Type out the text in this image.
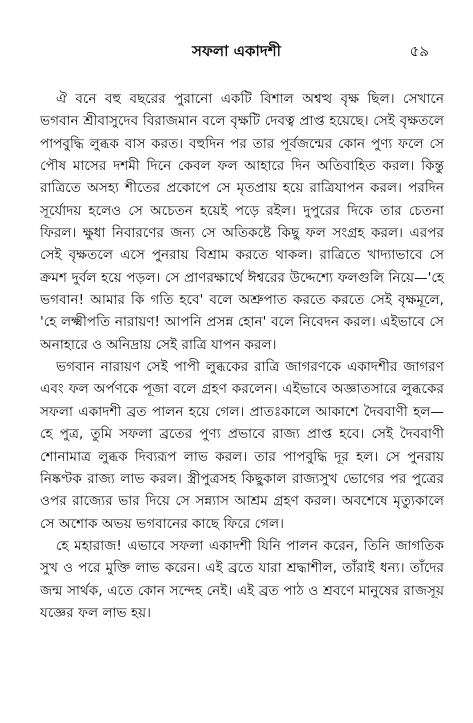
সফলা একাদশী	৫৯

ঐ বনে বহু বছরের পুরানো একটি বিশাল অশ্বত্থ বৃক্ষ ছিল। সেখানে ভগবান শ্রীবাসুদেব বিরাজমান বলে বৃক্ষটি দেবত্ব প্রাপ্ত হয়েছে। সেই বৃক্ষতলে পাপবুদ্ধি লুব্ধক বাস করত। বহুদিন পর তার পূর্বজন্মের কোন পুণ্য ফলে সে পৌষ মাসের দশমী দিনে কেবল ফল আহারে দিন অতিবাহিত করল। কিন্তু রাত্রিতে অসহ্য শীতের প্রকোপে সে মৃতপ্রায় হয়ে রাত্রিযাপন করল। পরদিন সূর্যোদয় হলেও সে অচেতন হয়েই পড়ে রইল। দুপুরের দিকে তার চেতনা ফিরল। ক্ষুধা নিবারণের জন্য সে অতিকষ্টে কিছু ফল সংগ্রহ করল। এরপর সেই বৃক্ষতলে এসে পুনরায় বিশ্রাম করতে থাকল। রাত্রিতে খাদ্যাভাবে সে ক্রমশ দুর্বল হয়ে পড়ল। সে প্রাণরক্ষার্থে ঈশ্বরের উদ্দেশ্যে ফলগুলি নিয়ে—'হে ভগবান! আমার কি গতি হবে' বলে অশ্রুপাত করতে করতে সেই বৃক্ষমূলে, 'হে লক্ষ্মীপতি নারায়ণ! আপনি প্রসন্ন হোন' বলে নিবেদন করল। এইভাবে সে অনাহারে ও অনিদ্রায় সেই রাত্রি যাপন করল।

ভগবান নারায়ণ সেই পাপী লুব্ধকের রাত্রি জাগরণকে একাদশীর জাগরণ এবং ফল অর্পণকে পূজা বলে গ্রহণ করলেন। এইভাবে অজ্ঞাতসারে লুব্ধকের সফলা একাদশী ব্রত পালন হয়ে গেল। প্রাতঃকালে আকাশে দৈববাণী হল—হে পুত্র, তুমি সফলা ব্রতের পুণ্য প্রভাবে রাজ্য প্রাপ্ত হবে। সেই দৈববাণী শোনামাত্র লুব্ধক দিব্যরূপ লাভ করল। তার পাপবুদ্ধি দূর হল। সে পুনরায় নিষ্কণ্টক রাজ্য লাভ করল। স্ত্রীপুত্রসহ কিছুকাল রাজ্যসুখ ভোগের পর পুত্রের ওপর রাজ্যের ভার দিয়ে সে সন্ন্যাস আশ্রম গ্রহণ করল। অবশেষে মৃত্যুকালে সে অশোক অভয় ভগবানের কাছে ফিরে গেল।

হে মহারাজ! এভাবে সফলা একাদশী যিনি পালন করেন, তিনি জাগতিক সুখ ও পরে মুক্তি লাভ করেন। এই ব্রতে যারা শ্রদ্ধাশীল, তাঁরাই ধন্য। তাঁদের জন্ম সার্থক, এতে কোন সন্দেহ নেই। এই ব্রত পাঠ ও শ্রবণে মানুষের রাজসূয় যজ্ঞের ফল লাভ হয়।
